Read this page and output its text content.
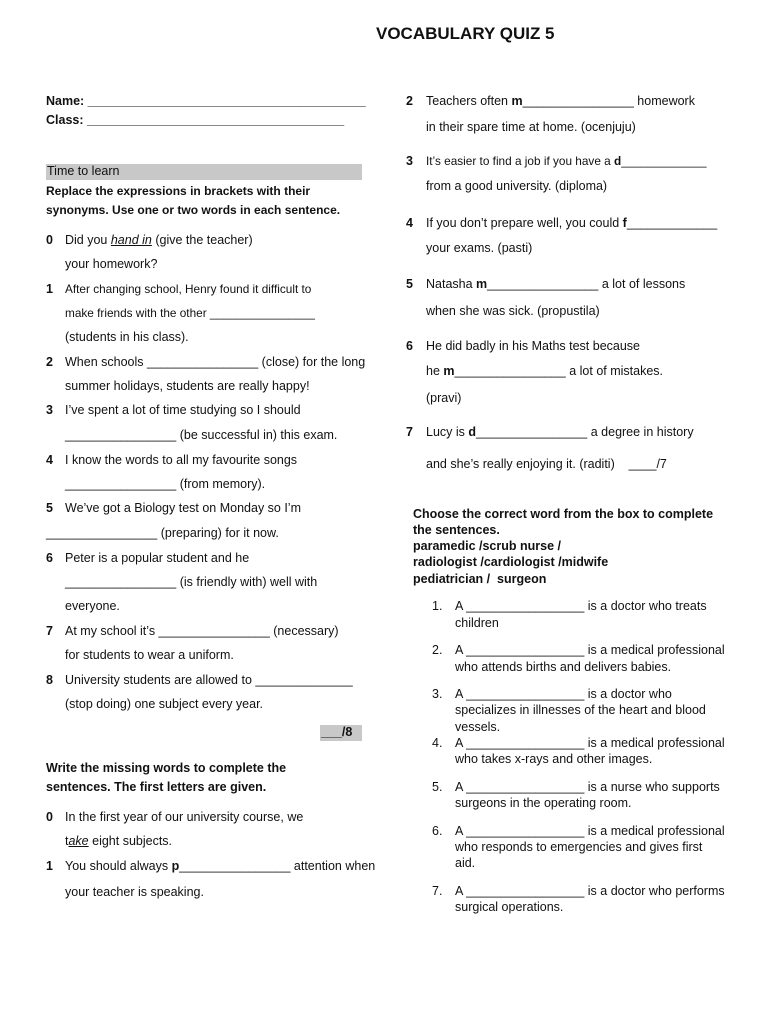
VOCABULARY QUIZ 5
Name: ________________________________________
Class: _____________________________________
Time to learn
Replace the expressions in brackets with their
synonyms. Use one or two words in each sentence.
0 Did you hand in (give the teacher)
your homework?
1 After changing school, Henry found it difficult to
make friends with the other ________________
(students in his class).
2 When schools ________________ (close) for the long
summer holidays, students are really happy!
3 I’ve spent a lot of time studying so I should
________________ (be successful in) this exam.
4 I know the words to all my favourite songs
________________ (from memory).
5 We’ve got a Biology test on Monday so I’m
________________ (preparing) for it now.
6 Peter is a popular student and he
________________ (is friendly with) well with
everyone.
7 At my school it’s ________________ (necessary)
for students to wear a uniform.
8 University students are allowed to ______________
(stop doing) one subject every year.
___/8
Write the missing words to complete the
sentences. The first letters are given.
0 In the first year of our university course, we
take eight subjects.
1 You should always p________________ attention when
your teacher is speaking.
2 Teachers often m________________ homework
in their spare time at home. (ocenjuju)
3 It’s easier to find a job if you have a d_____________
from a good university. (diploma)
4 If you don’t prepare well, you could f_____________
your exams. (pasti)
5 Natasha m________________ a lot of lessons
when she was sick. (propustila)
6 He did badly in his Maths test because
he m________________ a lot of mistakes.
(pravi)
7 Lucy is d________________ a degree in history
and she’s really enjoying it. (raditi)    ____/7
Choose the correct word from the box to complete
the sentences.
paramedic /scrub nurse /
radiologist /cardiologist /midwife
pediatrician /  surgeon
1. A _________________ is a doctor who treats
children
2. A _________________ is a medical professional
who attends births and delivers babies.
3. A _________________ is a doctor who
specializes in illnesses of the heart and blood
vessels.
4. A _________________ is a medical professional
who takes x-rays and other images.
5. A _________________ is a nurse who supports
surgeons in the operating room.
6. A _________________ is a medical professional
who responds to emergencies and gives first
aid.
7. A _________________ is a doctor who performs
surgical operations.
